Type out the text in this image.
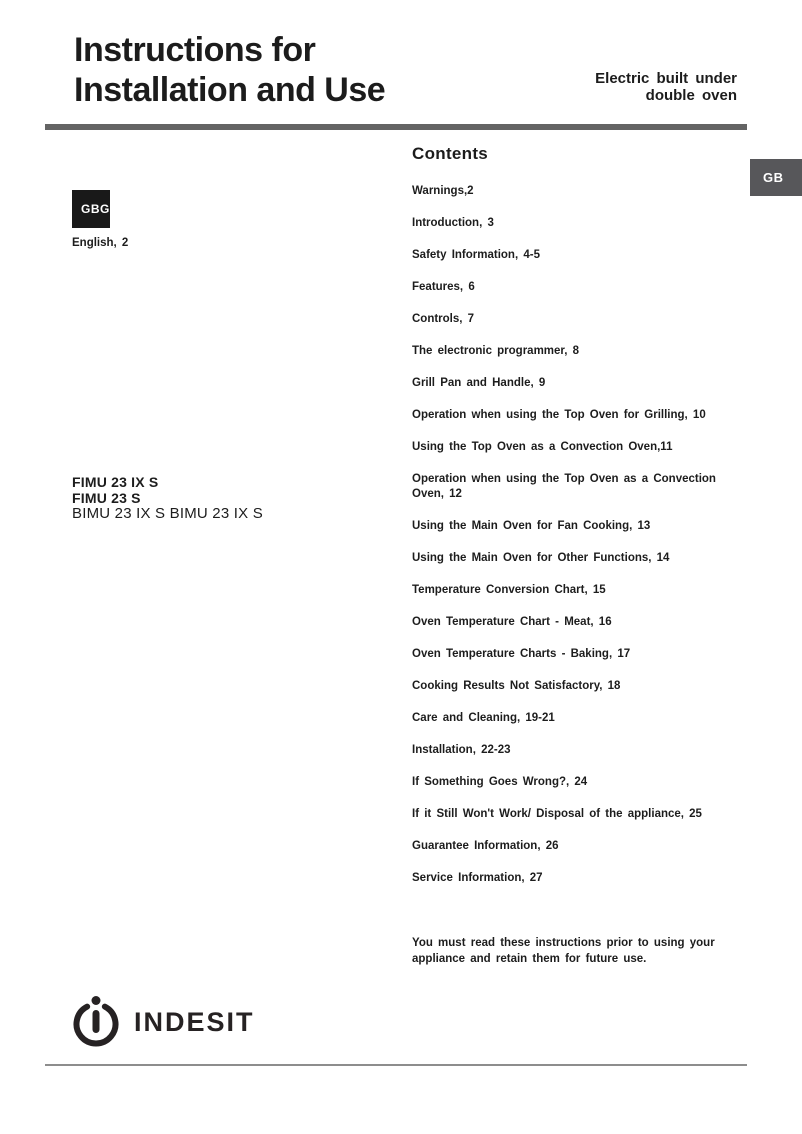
Instructions for
Installation and Use	Electric built under
double oven
GB
GBG
English, 2
FIMU 23 IX S
FIMU 23 S
BIMU 23 IX S BIMU 23 IX S
Contents
Warnings,2
Introduction, 3
Safety Information, 4-5
Features, 6
Controls, 7
The electronic programmer, 8
Grill Pan and Handle, 9
Operation when using the Top Oven for Grilling, 10
Using the Top Oven as a Convection Oven,11
Operation when using the Top Oven as a Convection Oven, 12
Using the Main Oven for Fan Cooking, 13
Using the Main Oven for Other Functions, 14
Temperature Conversion Chart, 15
Oven Temperature Chart - Meat, 16
Oven Temperature Charts - Baking, 17
Cooking Results Not Satisfactory, 18
Care and Cleaning, 19-21
Installation, 22-23
If Something Goes Wrong?, 24
If it Still Won't Work/ Disposal of the appliance, 25
Guarantee Information, 26
Service Information, 27
You must read these instructions prior to using your appliance and retain them for future use.
INDESIT
